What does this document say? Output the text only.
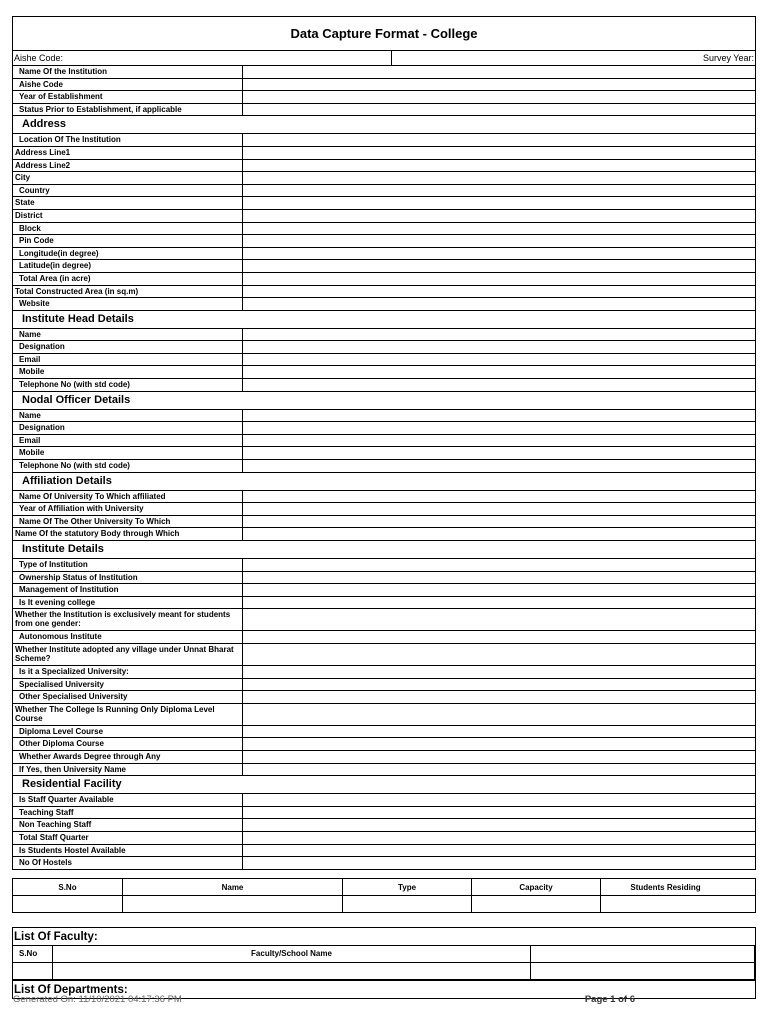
Data Capture Format - College
Aishe Code:	Survey Year:
Name Of the Institution
Aishe Code
Year of Establishment
Status Prior to Establishment, if applicable
Address
Location Of The Institution
Address Line1
Address Line2
City
Country
State
District
Block
Pin Code
Longitude(in degree)
Latitude(in degree)
Total Area (in acre)
Total Constructed Area (in sq.m)
Website
Institute Head Details
Name
Designation
Email
Mobile
Telephone No (with std code)
Nodal Officer Details
Name
Designation
Email
Mobile
Telephone No (with std code)
Affiliation Details
Name Of University To Which affiliated
Year of Affiliation with University
Name Of The Other University To Which
Name Of the statutory Body through Which
Institute Details
Type of Institution
Ownership Status of Institution
Management of Institution
Is It evening college
Whether the Institution is exclusively meant for students from one gender:
Autonomous Institute
Whether Institute adopted any village under Unnat Bharat Scheme?
Is it a Specialized University:
Specialised University
Other Specialised University
Whether The College Is Running Only Diploma Level Course
Diploma Level Course
Other Diploma Course
Whether Awards Degree through Any
If Yes, then University Name
Residential Facility
Is Staff Quarter Available
Teaching Staff
Non Teaching Staff
Total Staff Quarter
Is Students Hostel Available
No Of Hostels
S.No	Name	Type	Capacity	Students Residing
List Of Faculty:
S.No	Faculty/School Name
List Of Departments:
Generated On: 11/10/2021 04:17:36 PM	Page 1 of 6
